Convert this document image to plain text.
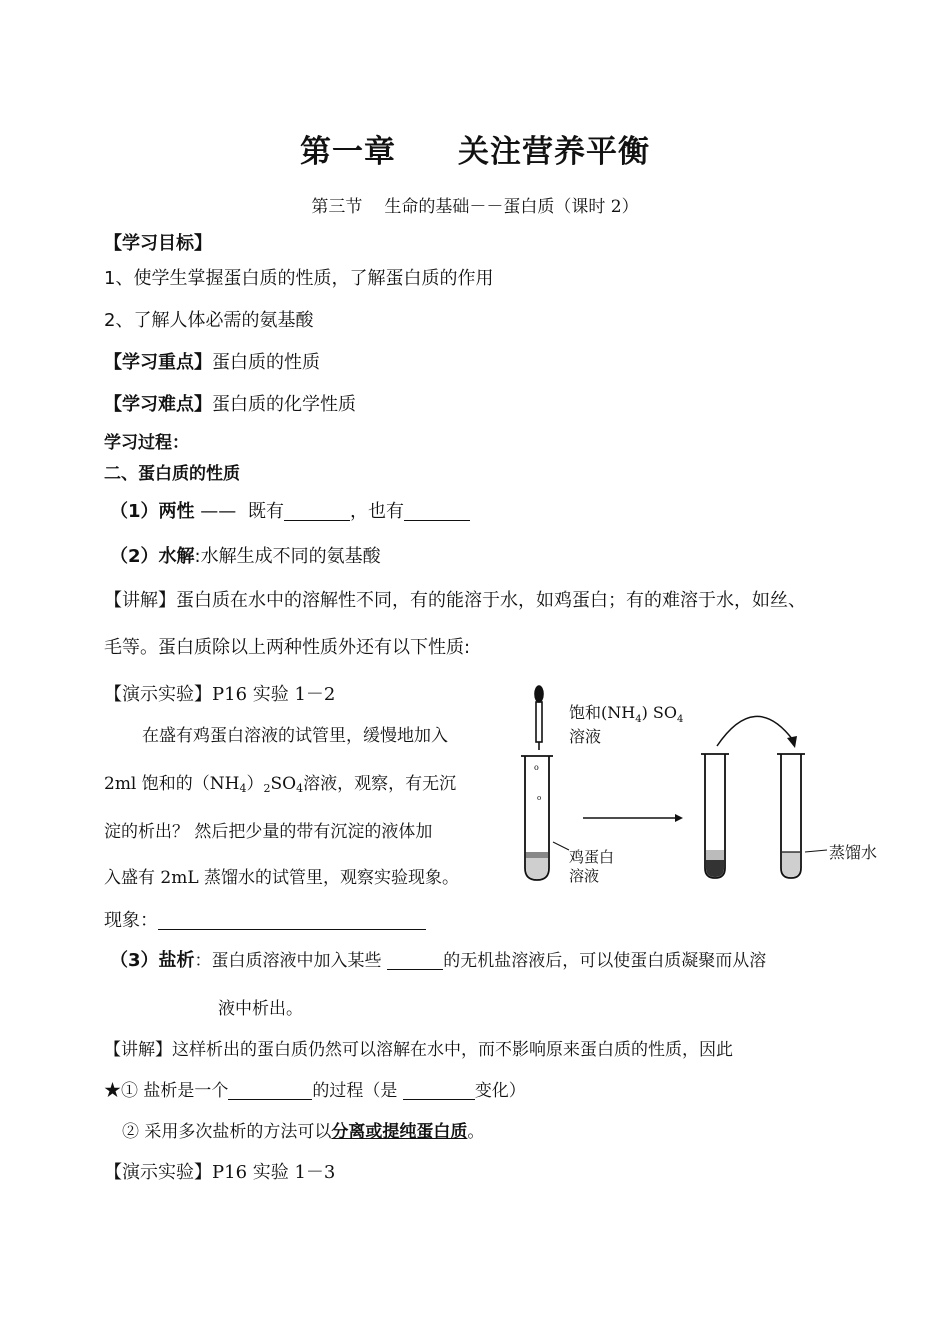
第一章 关注营养平衡
第三节 生命的基础－－蛋白质（课时 2）
【学习目标】
1、使学生掌握蛋白质的性质，了解蛋白质的作用
2、了解人体必需的氨基酸
【学习重点】蛋白质的性质
【学习难点】蛋白质的化学性质
学习过程：
二、蛋白质的性质
（1）两性 —— 既有	，也有
（2）水解:水解生成不同的氨基酸
【讲解】蛋白质在水中的溶解性不同，有的能溶于水，如鸡蛋白；有的难溶于水，如丝、
毛等。蛋白质除以上两种性质外还有以下性质:
【演示实验】P16 实验 1－2
在盛有鸡蛋白溶液的试管里，缓慢地加入
2ml 饱和的$(NH_4)_2SO_4$溶液，观察，有无沉
淀的析出？ 然后把少量的带有沉淀的液体加
入盛有 2mL 蒸馏水的试管里，观察实验现象。
o
o
饱和$(NH_4)$ $SO_4$
溶液
鸡蛋白
溶液
蒸馏水
现象：
（3）盐析：蛋白质溶液中加入某些	的无机盐溶液后，可以使蛋白质凝聚而从溶
液中析出。
【讲解】这样析出的蛋白质仍然可以溶解在水中，而不影响原来蛋白质的性质，因此
★① 盐析是一个	的过程（是	变化）
② 采用多次盐析的方法可以分离或提纯蛋白质。
【演示实验】P16 实验 1－3
